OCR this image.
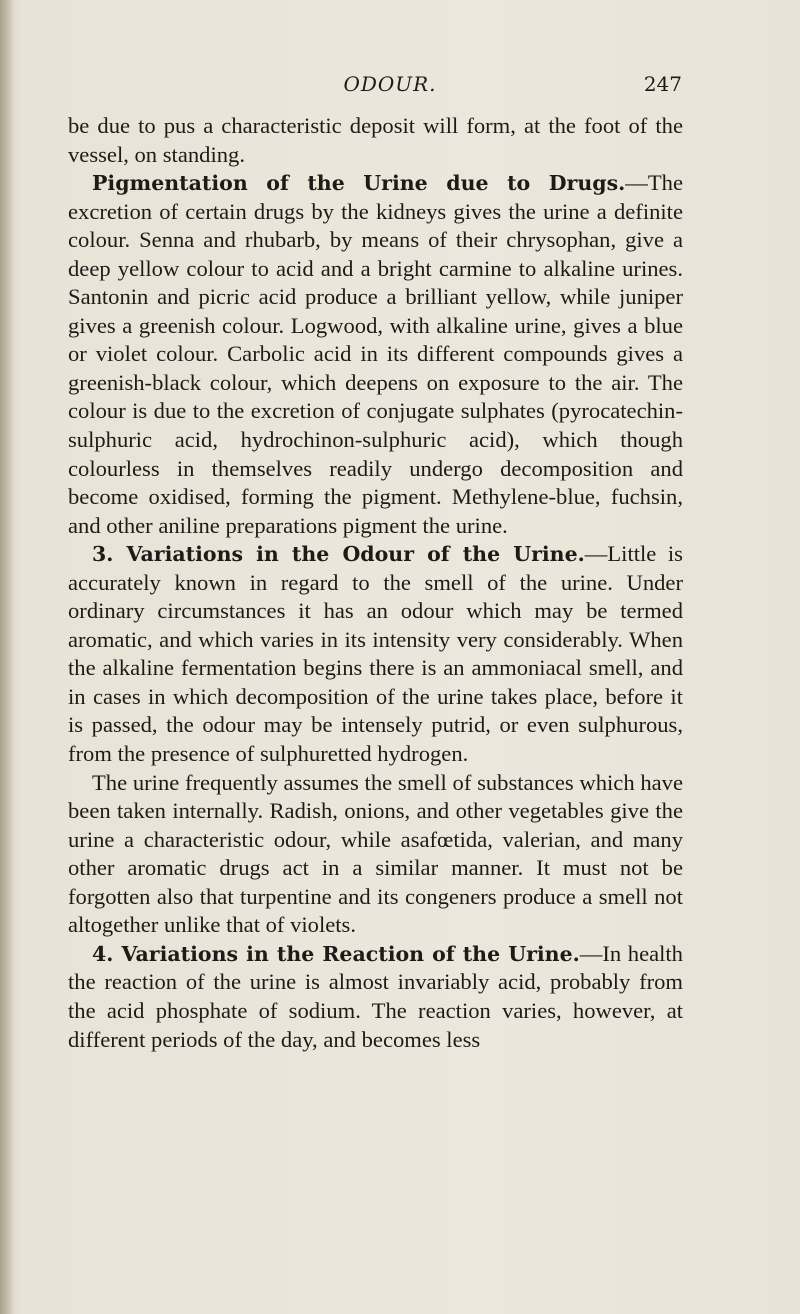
ODOUR.	247

be due to pus a characteristic deposit will form, at the foot of the vessel, on standing.

Pigmentation of the Urine due to Drugs.—The excretion of certain drugs by the kidneys gives the urine a definite colour. Senna and rhubarb, by means of their chrysophan, give a deep yellow colour to acid and a bright carmine to alkaline urines. Santonin and picric acid produce a brilliant yellow, while juniper gives a greenish colour. Logwood, with alkaline urine, gives a blue or violet colour. Carbolic acid in its different compounds gives a greenish-black colour, which deepens on exposure to the air. The colour is due to the excretion of conjugate sulphates (pyrocatechin-sulphuric acid, hydrochinon-sulphuric acid), which though colourless in themselves readily undergo decomposition and become oxidised, forming the pigment. Methylene-blue, fuchsin, and other aniline preparations pigment the urine.

3. Variations in the Odour of the Urine.—Little is accurately known in regard to the smell of the urine. Under ordinary circumstances it has an odour which may be termed aromatic, and which varies in its intensity very considerably. When the alkaline fermentation begins there is an ammoniacal smell, and in cases in which decomposition of the urine takes place, before it is passed, the odour may be intensely putrid, or even sulphurous, from the presence of sulphuretted hydrogen.

The urine frequently assumes the smell of substances which have been taken internally. Radish, onions, and other vegetables give the urine a characteristic odour, while asafœtida, valerian, and many other aromatic drugs act in a similar manner. It must not be forgotten also that turpentine and its congeners produce a smell not altogether unlike that of violets.

4. Variations in the Reaction of the Urine.—In health the reaction of the urine is almost invariably acid, probably from the acid phosphate of sodium. The reaction varies, however, at different periods of the day, and becomes less
